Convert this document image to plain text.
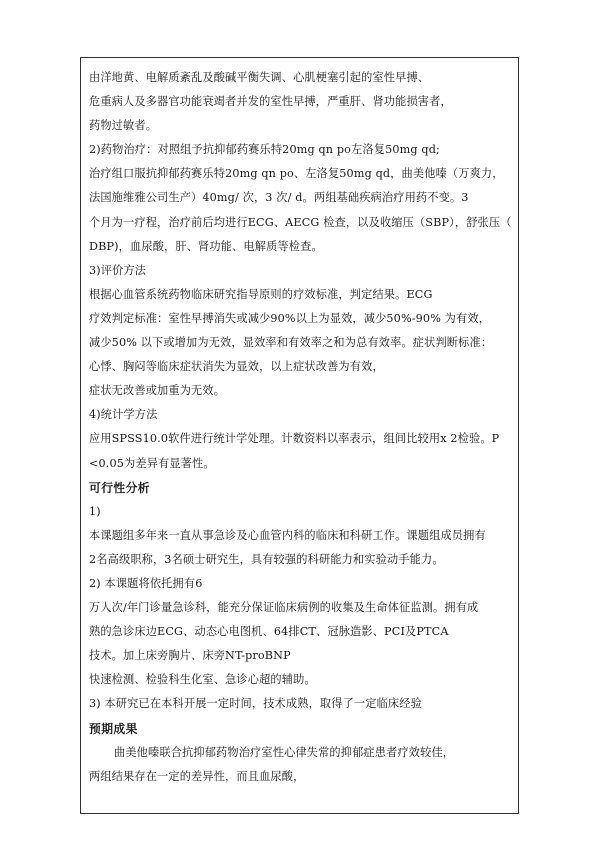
由洋地黄、电解质紊乱及酸碱平衡失调、心肌梗塞引起的室性早搏、
危重病人及多器官功能衰竭者并发的室性早搏，严重肝、肾功能损害者，
药物过敏者。
2)药物治疗：对照组予抗抑郁药赛乐特20mg qn po左洛复50mg qd;
治疗组口服抗抑郁药赛乐特20mg qn po、左洛复50mg qd，曲美他嗪（万爽力，
法国施维雅公司生产）40mg/ 次，3 次/ d。两组基础疾病治疗用药不变。3
个月为一疗程，治疗前后均进行ECG、AECG 检查，以及收缩压（SBP），舒张压（
DBP)，血尿酸，肝、肾功能、电解质等检查。
3)评价方法
根据心血管系统药物临床研究指导原则的疗效标准，判定结果。ECG
疗效判定标准：室性早搏消失或减少90%以上为显效，减少50%-90% 为有效，
减少50% 以下或增加为无效，显效率和有效率之和为总有效率。症状判断标准：
心悸、胸闷等临床症状消失为显效，以上症状改善为有效，
症状无改善或加重为无效。
4)统计学方法
应用SPSS10.0软件进行统计学处理。计数资料以率表示，组间比较用x 2检验。P
<0.05为差异有显著性。
可行性分析
1)
本课题组多年来一直从事急诊及心血管内科的临床和科研工作。课题组成员拥有
2名高级职称，3名硕士研究生，具有较强的科研能力和实验动手能力。
2) 本课题将依托拥有6
万人次/年门诊量急诊科，能充分保证临床病例的收集及生命体征监测。拥有成
熟的急诊床边ECG、动态心电图机、64排CT、冠脉造影、PCI及PTCA
技术。加上床旁胸片、床旁NT-proBNP
快速检测、检验科生化室、急诊心超的辅助。
3) 本研究已在本科开展一定时间，技术成熟，取得了一定临床经验
预期成果
曲美他嗪联合抗抑郁药物治疗室性心律失常的抑郁症患者疗效较佳，
两组结果存在一定的差异性，而且血尿酸，
